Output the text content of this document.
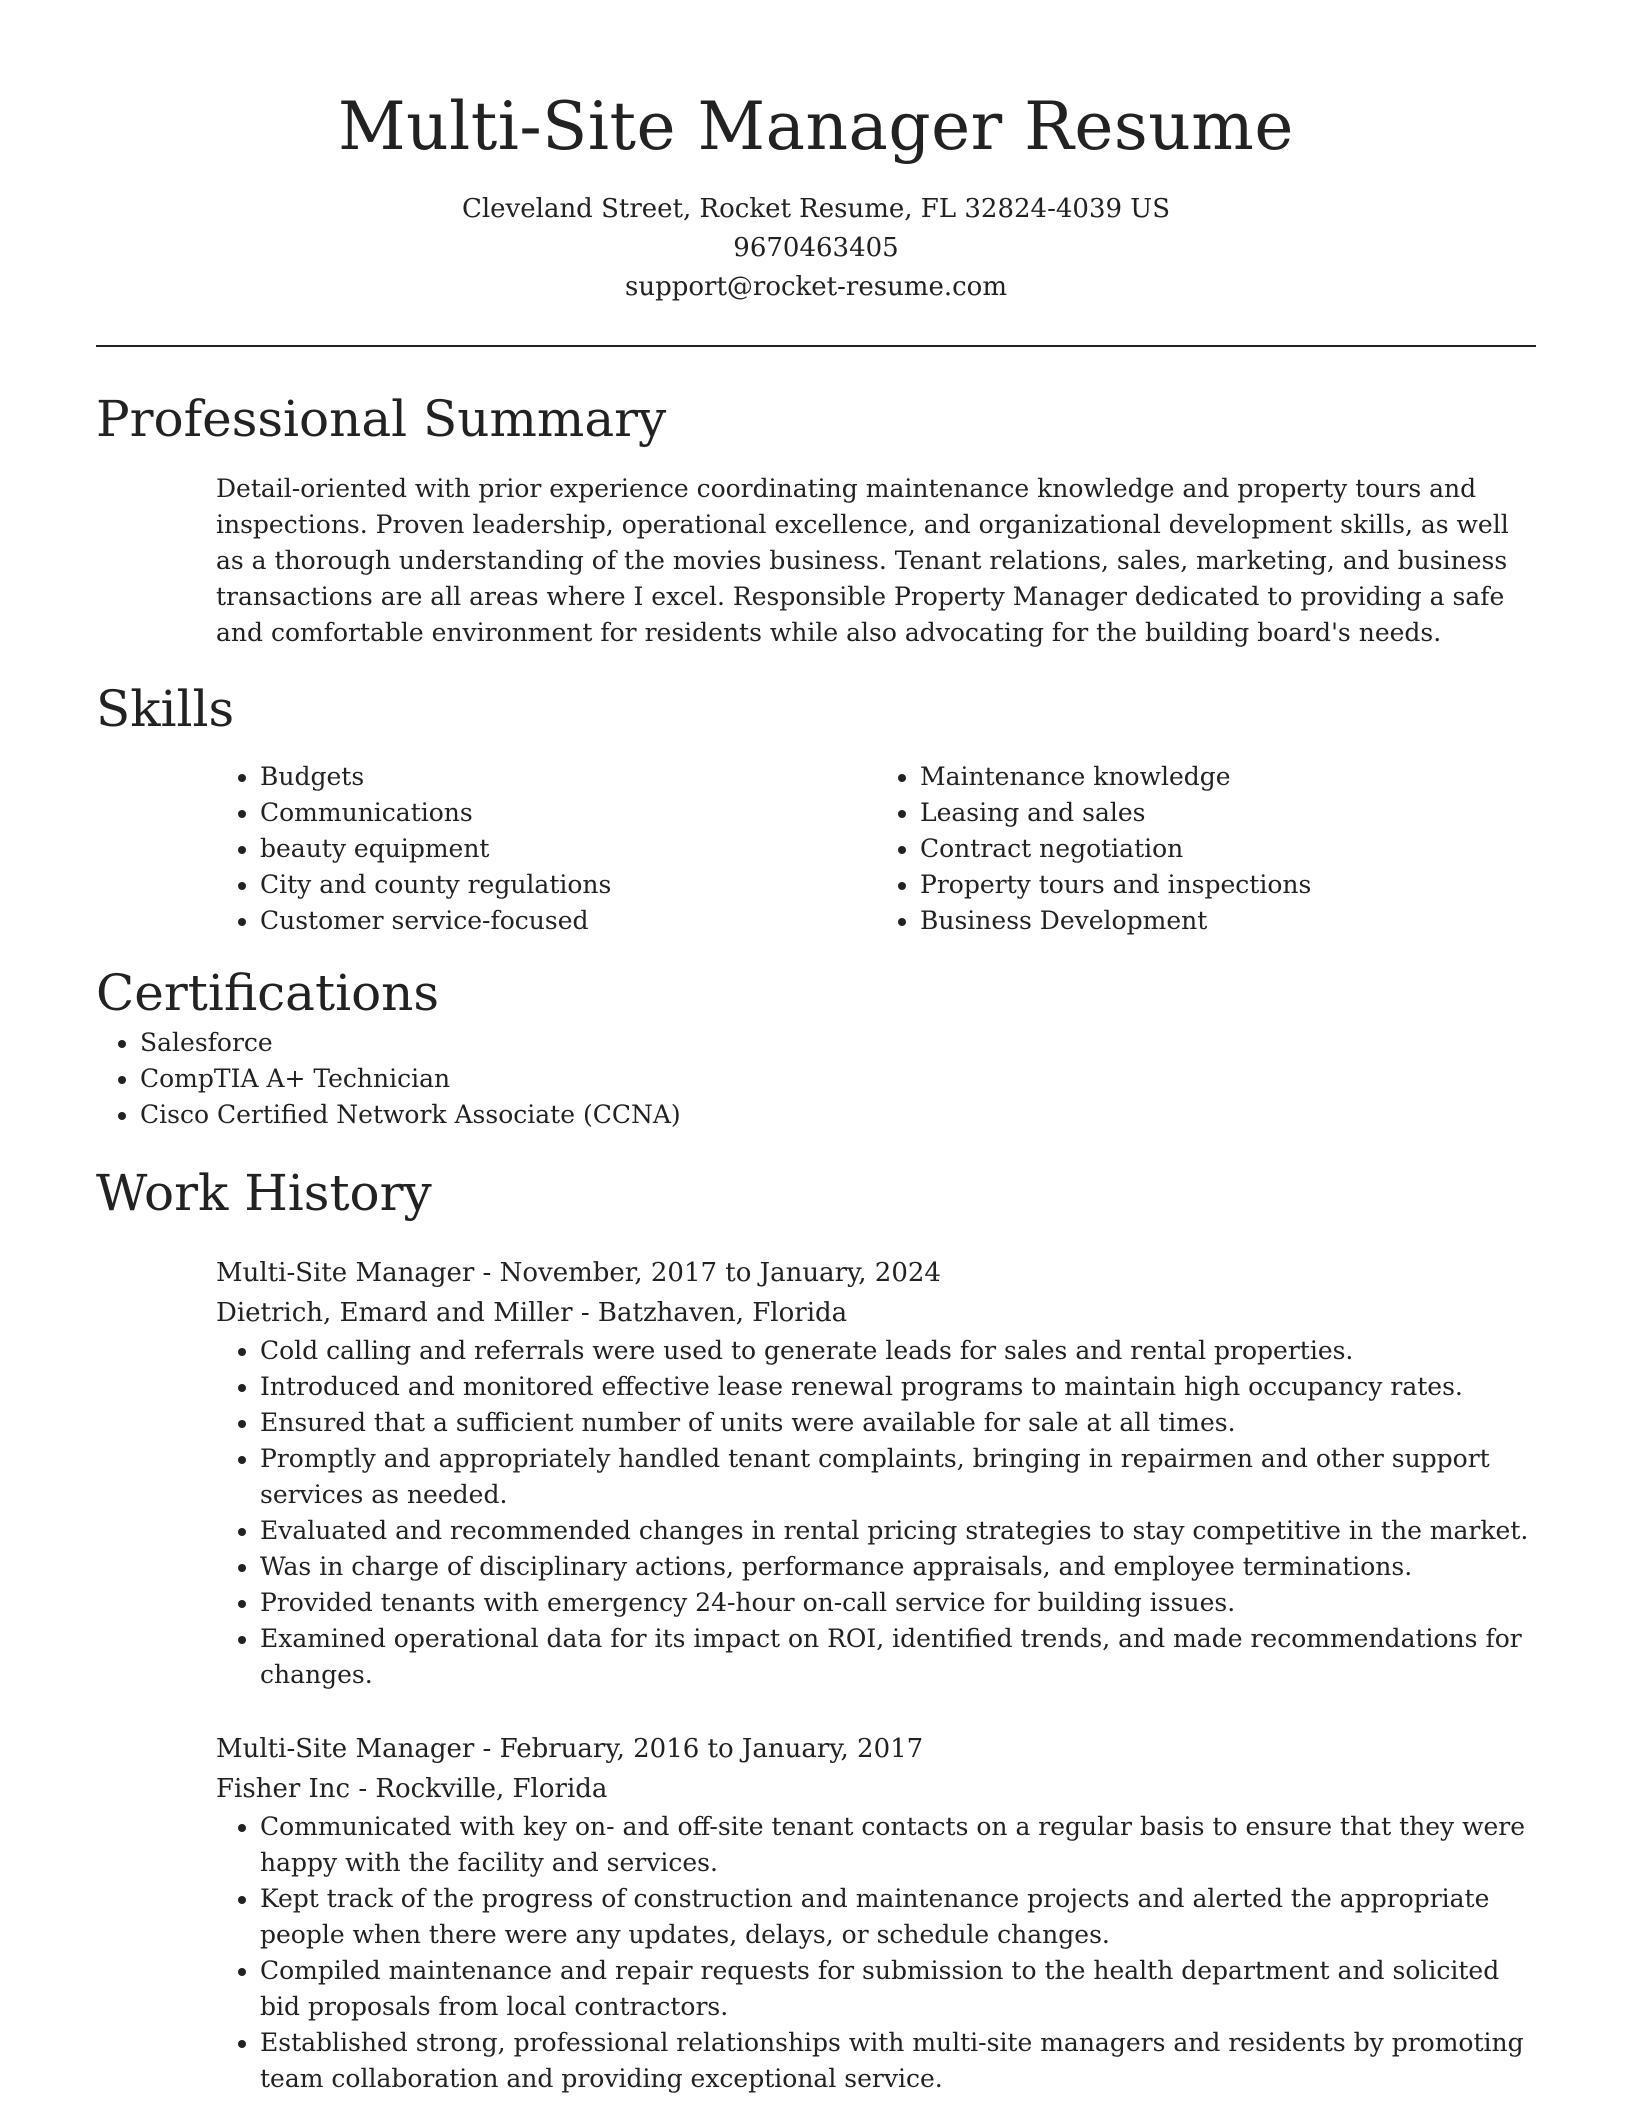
Multi-Site Manager Resume
Cleveland Street, Rocket Resume, FL 32824-4039 US
9670463405
support@rocket-resume.com
Professional Summary

Detail-oriented with prior experience coordinating maintenance knowledge and property tours and inspections. Proven leadership, operational excellence, and organizational development skills, as well as a thorough understanding of the movies business. Tenant relations, sales, marketing, and business transactions are all areas where I excel. Responsible Property Manager dedicated to providing a safe and comfortable environment for residents while also advocating for the building board's needs.

Skills
• Budgets
• Communications
• beauty equipment
• City and county regulations
• Customer service-focused
• Maintenance knowledge
• Leasing and sales
• Contract negotiation
• Property tours and inspections
• Business Development
Certifications
• Salesforce
• CompTIA A+ Technician
• Cisco Certified Network Associate (CCNA)
Work History
Multi-Site Manager - November, 2017 to January, 2024
Dietrich, Emard and Miller - Batzhaven, Florida
• Cold calling and referrals were used to generate leads for sales and rental properties.
• Introduced and monitored effective lease renewal programs to maintain high occupancy rates.
• Ensured that a sufficient number of units were available for sale at all times.
• Promptly and appropriately handled tenant complaints, bringing in repairmen and other support services as needed.
• Evaluated and recommended changes in rental pricing strategies to stay competitive in the market.
• Was in charge of disciplinary actions, performance appraisals, and employee terminations.
• Provided tenants with emergency 24-hour on-call service for building issues.
• Examined operational data for its impact on ROI, identified trends, and made recommendations for changes.
Multi-Site Manager - February, 2016 to January, 2017
Fisher Inc - Rockville, Florida
• Communicated with key on- and off-site tenant contacts on a regular basis to ensure that they were happy with the facility and services.
• Kept track of the progress of construction and maintenance projects and alerted the appropriate people when there were any updates, delays, or schedule changes.
• Compiled maintenance and repair requests for submission to the health department and solicited bid proposals from local contractors.
• Established strong, professional relationships with multi-site managers and residents by promoting team collaboration and providing exceptional service.
